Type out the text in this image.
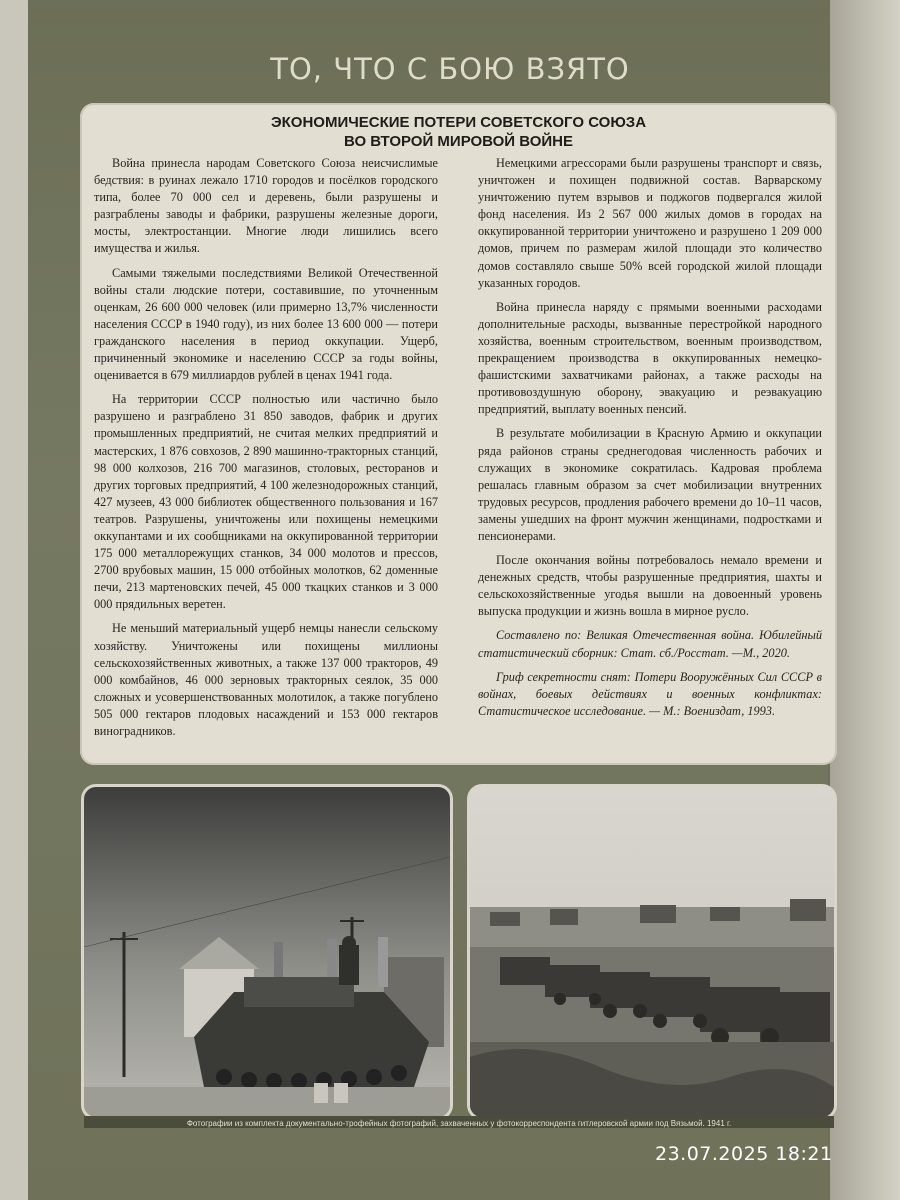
ТО, ЧТО С БОЮ ВЗЯТО
ЭКОНОМИЧЕСКИЕ ПОТЕРИ СОВЕТСКОГО СОЮЗА
ВО ВТОРОЙ МИРОВОЙ ВОЙНЕ

Война принесла народам Советского Союза неисчислимые бедствия: в руинах лежало 1710 городов и посёлков городского типа, более 70 000 сел и деревень, были разрушены и разграблены заводы и фабрики, разрушены железные дороги, мосты, электростанции. Многие люди лишились всего имущества и жилья.

Самыми тяжелыми последствиями Великой Отечественной войны стали людские потери, составившие, по уточненным оценкам, 26 600 000 человек (или примерно 13,7% численности населения СССР в 1940 году), из них более 13 600 000 — потери гражданского населения в период оккупации. Ущерб, причиненный экономике и населению СССР за годы войны, оценивается в 679 миллиардов рублей в ценах 1941 года.

На территории СССР полностью или частично было разрушено и разграблено 31 850 заводов, фабрик и других промышленных предприятий, не считая мелких предприятий и мастерских, 1 876 совхозов, 2 890 машинно-тракторных станций, 98 000 колхозов, 216 700 магазинов, столовых, ресторанов и других торговых предприятий, 4 100 железнодорожных станций, 427 музеев, 43 000 библиотек общественного пользования и 167 театров. Разрушены, уничтожены или похищены немецкими оккупантами и их сообщниками на оккупированной территории 175 000 металлорежущих станков, 34 000 молотов и прессов, 2700 врубовых машин, 15 000 отбойных молотков, 62 доменные печи, 213 мартеновских печей, 45 000 ткацких станков и 3 000 000 прядильных веретен.

Не меньший материальный ущерб немцы нанесли сельскому хозяйству. Уничтожены или похищены миллионы сельскохозяйственных животных, а также 137 000 тракторов, 49 000 комбайнов, 46 000 зерновых тракторных сеялок, 35 000 сложных и усовершенствованных молотилок, а также погублено 505 000 гектаров плодовых насаждений и 153 000 гектаров виноградников.

Немецкими агрессорами были разрушены транспорт и связь, уничтожен и похищен подвижной состав. Варварскому уничтожению путем взрывов и поджогов подвергался жилой фонд населения. Из 2 567 000 жилых домов в городах на оккупированной территории уничтожено и разрушено 1 209 000 домов, причем по размерам жилой площади это количество домов составляло свыше 50% всей городской жилой площади указанных городов.

Война принесла наряду с прямыми военными расходами дополнительные расходы, вызванные перестройкой народного хозяйства, военным строительством, военным производством, прекращением производства в оккупированных немецко-фашистскими захватчиками районах, а также расходы на противовоздушную оборону, эвакуацию и реэвакуацию предприятий, выплату военных пенсий.

В результате мобилизации в Красную Армию и оккупации ряда районов страны среднегодовая численность рабочих и служащих в экономике сократилась. Кадровая проблема решалась главным образом за счет мобилизации внутренних трудовых ресурсов, продления рабочего времени до 10–11 часов, замены ушедших на фронт мужчин женщинами, подростками и пенсионерами.

После окончания войны потребовалось немало времени и денежных средств, чтобы разрушенные предприятия, шахты и сельскохозяйственные угодья вышли на довоенный уровень выпуска продукции и жизнь вошла в мирное русло.

Составлено по: Великая Отечественная война. Юбилейный статистический сборник: Стат. сб./Росстат. —М., 2020.

Гриф секретности снят: Потери Вооружённых Сил СССР в войнах, боевых действиях и военных конфликтах: Статистическое исследование. — М.: Воениздат, 1993.

Фотографии из комплекта документально-трофейных фотографий, захваченных у фотокорреспондента гитлеровской армии под Вязьмой. 1941 г.
23.07.2025 18:21
